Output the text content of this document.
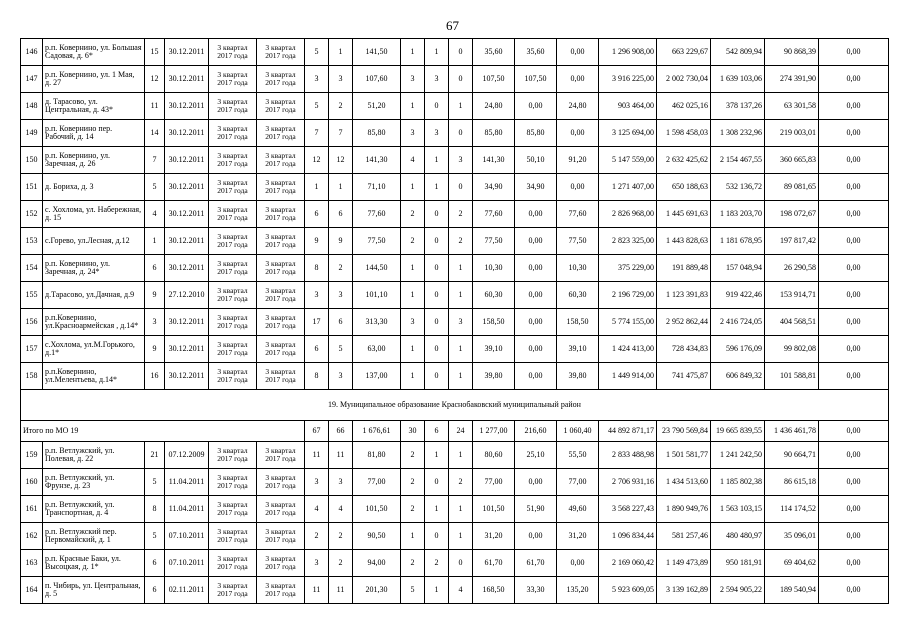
67
146	р.п. Ковернино, ул. Большая Садовая, д. 6*	15	30.12.2011	3 квартал 2017 года	3 квартал 2017 года	5	1	141,50	1	1	0	35,60	35,60	0,00	1 296 908,00	663 229,67	542 809,94	90 868,39	0,00
147	р.п. Ковернино, ул. 1 Мая, д. 27	12	30.12.2011	3 квартал 2017 года	3 квартал 2017 года	3	3	107,60	3	3	0	107,50	107,50	0,00	3 916 225,00	2 002 730,04	1 639 103,06	274 391,90	0,00
148	д. Тарасово, ул. Центральная, д. 43*	11	30.12.2011	3 квартал 2017 года	3 квартал 2017 года	5	2	51,20	1	0	1	24,80	0,00	24,80	903 464,00	462 025,16	378 137,26	63 301,58	0,00
149	р.п. Ковернино пер. Рабочий, д. 14	14	30.12.2011	3 квартал 2017 года	3 квартал 2017 года	7	7	85,80	3	3	0	85,80	85,80	0,00	3 125 694,00	1 598 458,03	1 308 232,96	219 003,01	0,00
150	р.п. Ковернино, ул. Заречная, д. 26	7	30.12.2011	3 квартал 2017 года	3 квартал 2017 года	12	12	141,30	4	1	3	141,30	50,10	91,20	5 147 559,00	2 632 425,62	2 154 467,55	360 665,83	0,00
151	д. Бориха, д. 3	5	30.12.2011	3 квартал 2017 года	3 квартал 2017 года	1	1	71,10	1	1	0	34,90	34,90	0,00	1 271 407,00	650 188,63	532 136,72	89 081,65	0,00
152	с. Хохлома, ул. Набережная, д. 15	4	30.12.2011	3 квартал 2017 года	3 квартал 2017 года	6	6	77,60	2	0	2	77,60	0,00	77,60	2 826 968,00	1 445 691,63	1 183 203,70	198 072,67	0,00
153	с.Горево, ул.Лесная, д.12	1	30.12.2011	3 квартал 2017 года	3 квартал 2017 года	9	9	77,50	2	0	2	77,50	0,00	77,50	2 823 325,00	1 443 828,63	1 181 678,95	197 817,42	0,00
154	р.п. Ковернино, ул. Заречная, д. 24*	6	30.12.2011	3 квартал 2017 года	3 квартал 2017 года	8	2	144,50	1	0	1	10,30	0,00	10,30	375 229,00	191 889,48	157 048,94	26 290,58	0,00
155	д.Тарасово, ул.Дачная, д.9	9	27.12.2010	3 квартал 2017 года	3 квартал 2017 года	3	3	101,10	1	0	1	60,30	0,00	60,30	2 196 729,00	1 123 391,83	919 422,46	153 914,71	0,00
156	р.п.Ковернино, ул.Красноармейская , д.14*	3	30.12.2011	3 квартал 2017 года	3 квартал 2017 года	17	6	313,30	3	0	3	158,50	0,00	158,50	5 774 155,00	2 952 862,44	2 416 724,05	404 568,51	0,00
157	с.Хохлома, ул.М.Горького, д.1*	9	30.12.2011	3 квартал 2017 года	3 квартал 2017 года	6	5	63,00	1	0	1	39,10	0,00	39,10	1 424 413,00	728 434,83	596 176,09	99 802,08	0,00
158	р.п.Ковернино, ул.Мелентьева, д.14*	16	30.12.2011	3 квартал 2017 года	3 квартал 2017 года	8	3	137,00	1	0	1	39,80	0,00	39,80	1 449 914,00	741 475,87	606 849,32	101 588,81	0,00
19. Муниципальное образование Краснобаковский муниципальный район																			
Итого по МО 19						67	66	1 676,61	30	6	24	1 277,00	216,60	1 060,40	44 892 871,17	23 790 569,84	19 665 839,55	1 436 461,78	0,00
159	р.п. Ветлужский, ул. Полевая, д. 22	21	07.12.2009	3 квартал 2017 года	3 квартал 2017 года	11	11	81,80	2	1	1	80,60	25,10	55,50	2 833 488,98	1 501 581,77	1 241 242,50	90 664,71	0,00
160	р.п. Ветлужский, ул. Фрунзе, д. 23	5	11.04.2011	3 квартал 2017 года	3 квартал 2017 года	3	3	77,00	2	0	2	77,00	0,00	77,00	2 706 931,16	1 434 513,60	1 185 802,38	86 615,18	0,00
161	р.п. Ветлужский, ул. Транспортная, д. 4	8	11.04.2011	3 квартал 2017 года	3 квартал 2017 года	4	4	101,50	2	1	1	101,50	51,90	49,60	3 568 227,43	1 890 949,76	1 563 103,15	114 174,52	0,00
162	р.п. Ветлужский пер. Первомайский, д. 1	5	07.10.2011	3 квартал 2017 года	3 квартал 2017 года	2	2	90,50	1	0	1	31,20	0,00	31,20	1 096 834,44	581 257,46	480 480,97	35 096,01	0,00
163	р.п. Красные Баки, ул. Высоцкая, д. 1*	6	07.10.2011	3 квартал 2017 года	3 квартал 2017 года	3	2	94,00	2	2	0	61,70	61,70	0,00	2 169 060,42	1 149 473,89	950 181,91	69 404,62	0,00
164	п. Чибирь, ул. Центральная, д. 5	6	02.11.2011	3 квартал 2017 года	3 квартал 2017 года	11	11	201,30	5	1	4	168,50	33,30	135,20	5 923 609,05	3 139 162,89	2 594 905,22	189 540,94	0,00
